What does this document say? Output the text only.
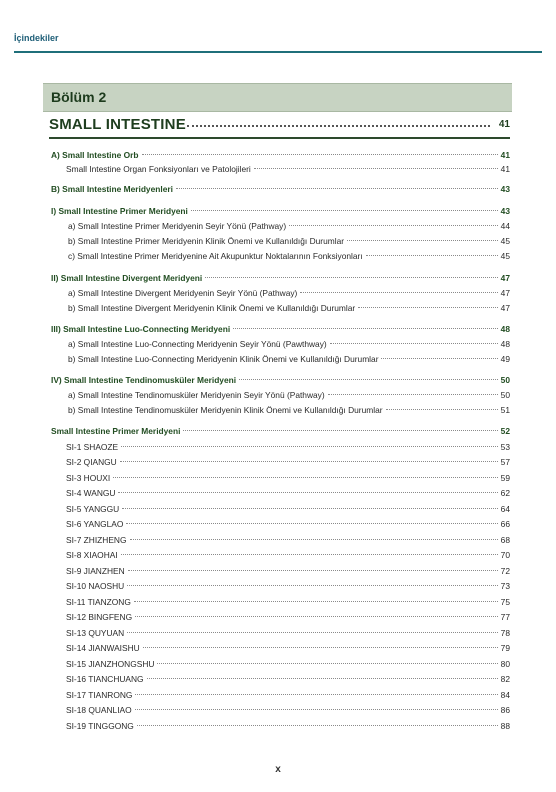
İçindekiler
Bölüm 2
SMALL INTESTINE	41
A) Small Intestine Orb	41
Small Intestine Organ Fonksiyonları ve Patolojileri	41
B) Small Intestine Meridyenleri	43
I) Small Intestine Primer Meridyeni	43
a) Small Intestine Primer Meridyenin Seyir Yönü (Pathway)	44
b) Small Intestine Primer Meridyenin Klinik Önemi ve Kullanıldığı Durumlar	45
c) Small Intestine Primer Meridyenine Ait Akupunktur Noktalarının Fonksiyonları	45
II) Small Intestine Divergent Meridyeni	47
a) Small Intestine Divergent Meridyenin Seyir Yönü (Pathway)	47
b) Small Intestine Divergent Meridyenin Klinik Önemi ve Kullanıldığı Durumlar	47
III) Small Intestine Luo-Connecting Meridyeni	48
a) Small Intestine Luo-Connecting Meridyenin Seyir Yönü (Pawthway)	48
b) Small Intestine Luo-Connecting Meridyenin Klinik Önemi ve Kullanıldığı Durumlar	49
IV) Small Intestine Tendinomusküler Meridyeni	50
a) Small Intestine Tendinomusküler Meridyenin Seyir Yönü (Pathway)	50
b) Small Intestine Tendinomusküler Meridyenin Klinik Önemi ve Kullanıldığı Durumlar	51
Small Intestine Primer Meridyeni	52
SI-1 SHAOZE	53
SI-2 QIANGU	57
SI-3 HOUXI	59
SI-4 WANGU	62
SI-5 YANGGU	64
SI-6 YANGLAO	66
SI-7 ZHIZHENG	68
SI-8 XIAOHAI	70
SI-9 JIANZHEN	72
SI-10 NAOSHU	73
SI-11 TIANZONG	75
SI-12 BINGFENG	77
SI-13 QUYUAN	78
SI-14 JIANWAISHU	79
SI-15 JIANZHONGSHU	80
SI-16 TIANCHUANG	82
SI-17 TIANRONG	84
SI-18 QUANLIAO	86
SI-19 TINGGONG	88
x
